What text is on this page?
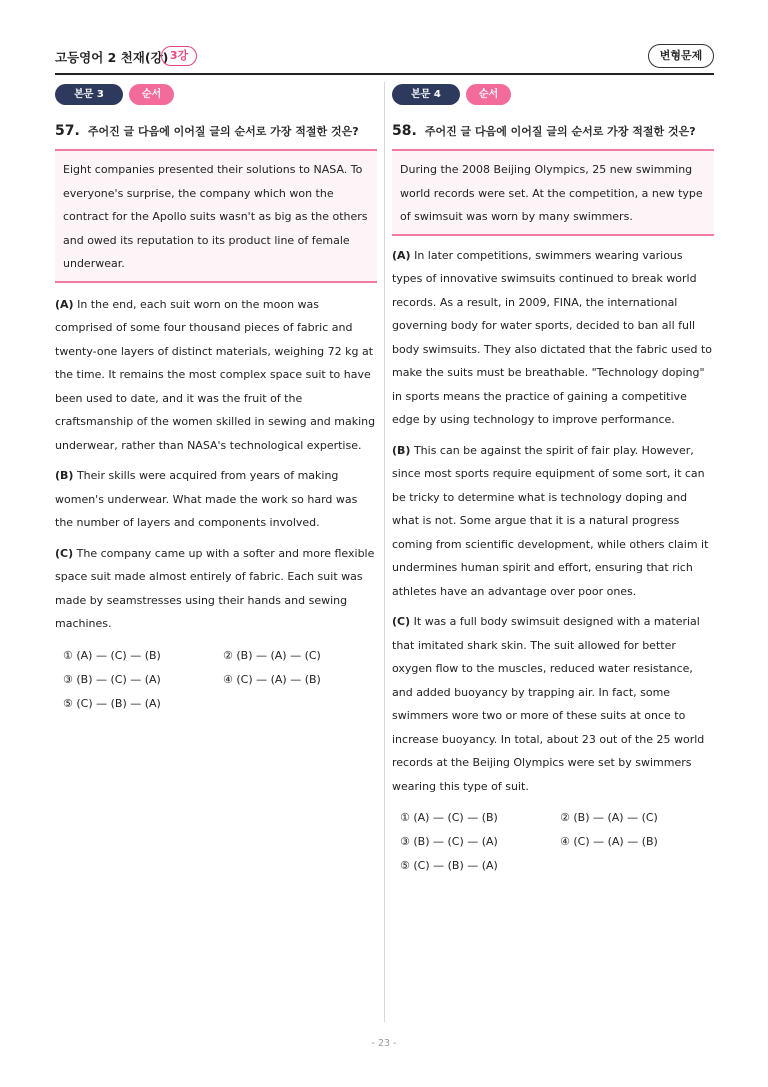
고등영어 2 천재(강) 3강	변형문제
본문 3	순서
57. 주어진 글 다음에 이어질 글의 순서로 가장 적절한 것은?
Eight companies presented their solutions to NASA. To everyone's surprise, the company which won the contract for the Apollo suits wasn't as big as the others and owed its reputation to its product line of female underwear.

(A) In the end, each suit worn on the moon was comprised of some four thousand pieces of fabric and twenty-one layers of distinct materials, weighing 72 kg at the time. It remains the most complex space suit to have been used to date, and it was the fruit of the craftsmanship of the women skilled in sewing and making underwear, rather than NASA's technological expertise.

(B) Their skills were acquired from years of making women's underwear. What made the work so hard was the number of layers and components involved.

(C) The company came up with a softer and more flexible space suit made almost entirely of fabric. Each suit was made by seamstresses using their hands and sewing machines.

① (A) — (C) — (B)	② (B) — (A) — (C)
③ (B) — (C) — (A)	④ (C) — (A) — (B)
⑤ (C) — (B) — (A)
본문 4	순서
58. 주어진 글 다음에 이어질 글의 순서로 가장 적절한 것은?
During the 2008 Beijing Olympics, 25 new swimming world records were set. At the competition, a new type of swimsuit was worn by many swimmers.

(A) In later competitions, swimmers wearing various types of innovative swimsuits continued to break world records. As a result, in 2009, FINA, the international governing body for water sports, decided to ban all full body swimsuits. They also dictated that the fabric used to make the suits must be breathable. "Technology doping" in sports means the practice of gaining a competitive edge by using technology to improve performance.

(B) This can be against the spirit of fair play. However, since most sports require equipment of some sort, it can be tricky to determine what is technology doping and what is not. Some argue that it is a natural progress coming from scientific development, while others claim it undermines human spirit and effort, ensuring that rich athletes have an advantage over poor ones.

(C) It was a full body swimsuit designed with a material that imitated shark skin. The suit allowed for better oxygen flow to the muscles, reduced water resistance, and added buoyancy by trapping air. In fact, some swimmers wore two or more of these suits at once to increase buoyancy. In total, about 23 out of the 25 world records at the Beijing Olympics were set by swimmers wearing this type of suit.

① (A) — (C) — (B)	② (B) — (A) — (C)
③ (B) — (C) — (A)	④ (C) — (A) — (B)
⑤ (C) — (B) — (A)
- 23 -
